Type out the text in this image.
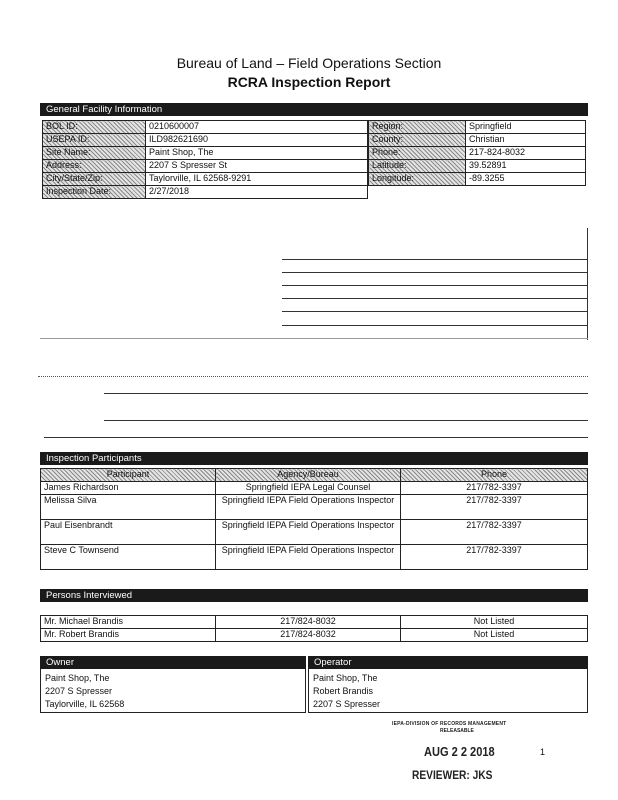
Bureau of Land – Field Operations Section
RCRA Inspection Report
General Facility Information
BOL ID:	0210600007
USEPA ID:	ILD982621690
Site Name:	Paint Shop, The
Address:	2207 S Spresser St
City/State/Zip:	Taylorville, IL 62568-9291
Inspection Date:	2/27/2018
Region:	Springfield
County:	Christian
Phone:	217-824-8032
Latitude:	39.52891
Longitude:	-89.3255
Inspection Participants
Participant	Agency/Bureau	Phone
James Richardson	Springfield IEPA Legal Counsel	217/782-3397
Melissa Silva	Springfield IEPA Field Operations Inspector	217/782-3397
Paul Eisenbrandt	Springfield IEPA Field Operations Inspector	217/782-3397
Steve C Townsend	Springfield IEPA Field Operations Inspector	217/782-3397
Persons Interviewed
Mr. Michael Brandis	217/824-8032	Not Listed
Mr. Robert Brandis	217/824-8032	Not Listed
Owner	Operator
Paint Shop, The
2207 S Spresser
Taylorville, IL 62568
Paint Shop, The
Robert Brandis
2207 S Spresser
IEPA-DIVISION OF RECORDS MANAGEMENT
RELEASABLE
AUG 2 2 2018
REVIEWER: JKS
1
